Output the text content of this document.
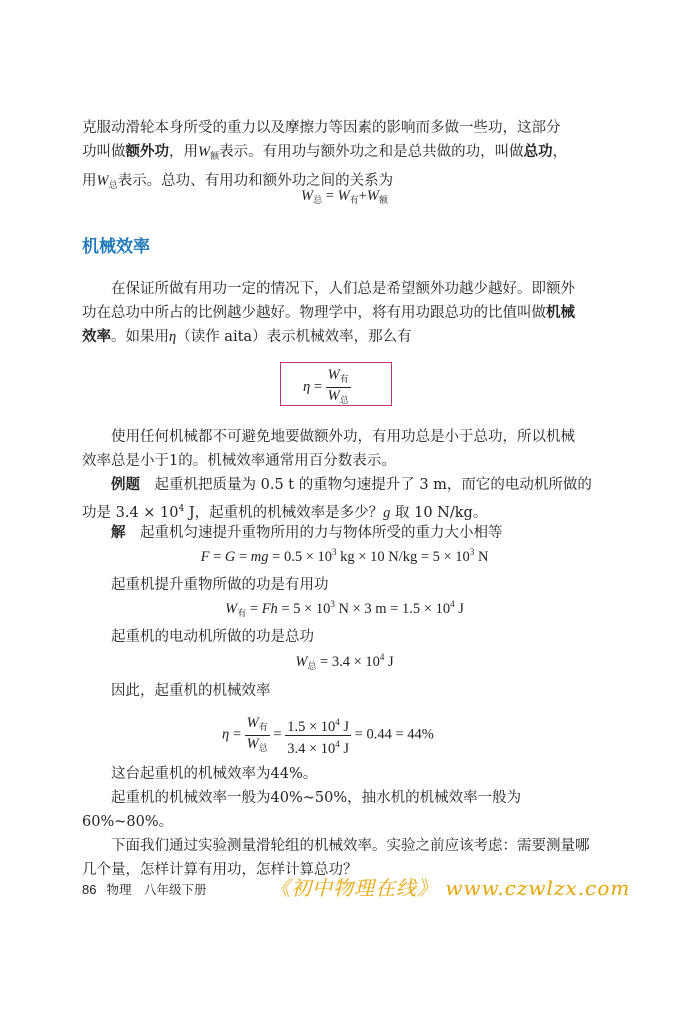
克服动滑轮本身所受的重力以及摩擦力等因素的影响而多做一些功，这部分
功叫做额外功，用$W_额$表示。有用功与额外功之和是总共做的功，叫做总功，
用$W_总$表示。总功、有用功和额外功之间的关系为
$W_总 = W_有+W_额$
机械效率
在保证所做有用功一定的情况下，人们总是希望额外功越少越好。即额外
功在总功中所占的比例越少越好。物理学中，将有用功跟总功的比值叫做机械
效率。如果用η（读作 aita）表示机械效率，那么有
$\eta = \frac{W_有}{W_总}$
使用任何机械都不可避免地要做额外功，有用功总是小于总功，所以机械
效率总是小于1的。机械效率通常用百分数表示。
例题　起重机把质量为 0.5 t 的重物匀速提升了 3 m，而它的电动机所做的
功是 $3.4 \times 10^4$ J，起重机的机械效率是多少？g 取 10 N/kg。
解　起重机匀速提升重物所用的力与物体所受的重力大小相等
F = G = mg = $0.5 \times 10^3$ kg × 10 $N/kg = 5 \times 10^3$ N
起重机提升重物所做的功是有用功
$W_有 = Fh = 5 \times 10^3$ N × 3 $m = 1.5 \times 10^4$ J
起重机的电动机所做的功是总功
$W_总 = 3.4 \times 10^4$ J
因此，起重机的机械效率
$\eta = \frac{W_有}{W_总} = \frac{1.5 \times 10^4 J}{3.4 \times 10^4 J} = 0.44 = 44\%$
这台起重机的机械效率为44%。
起重机的机械效率一般为40%~50%，抽水机的机械效率一般为60%~80%。
下面我们通过实验测量滑轮组的机械效率。实验之前应该考虑：需要测量哪
几个量，怎样计算有用功，怎样计算总功？
86 物理　八年级下册	《初中物理在线》 www.czwlzx.com
